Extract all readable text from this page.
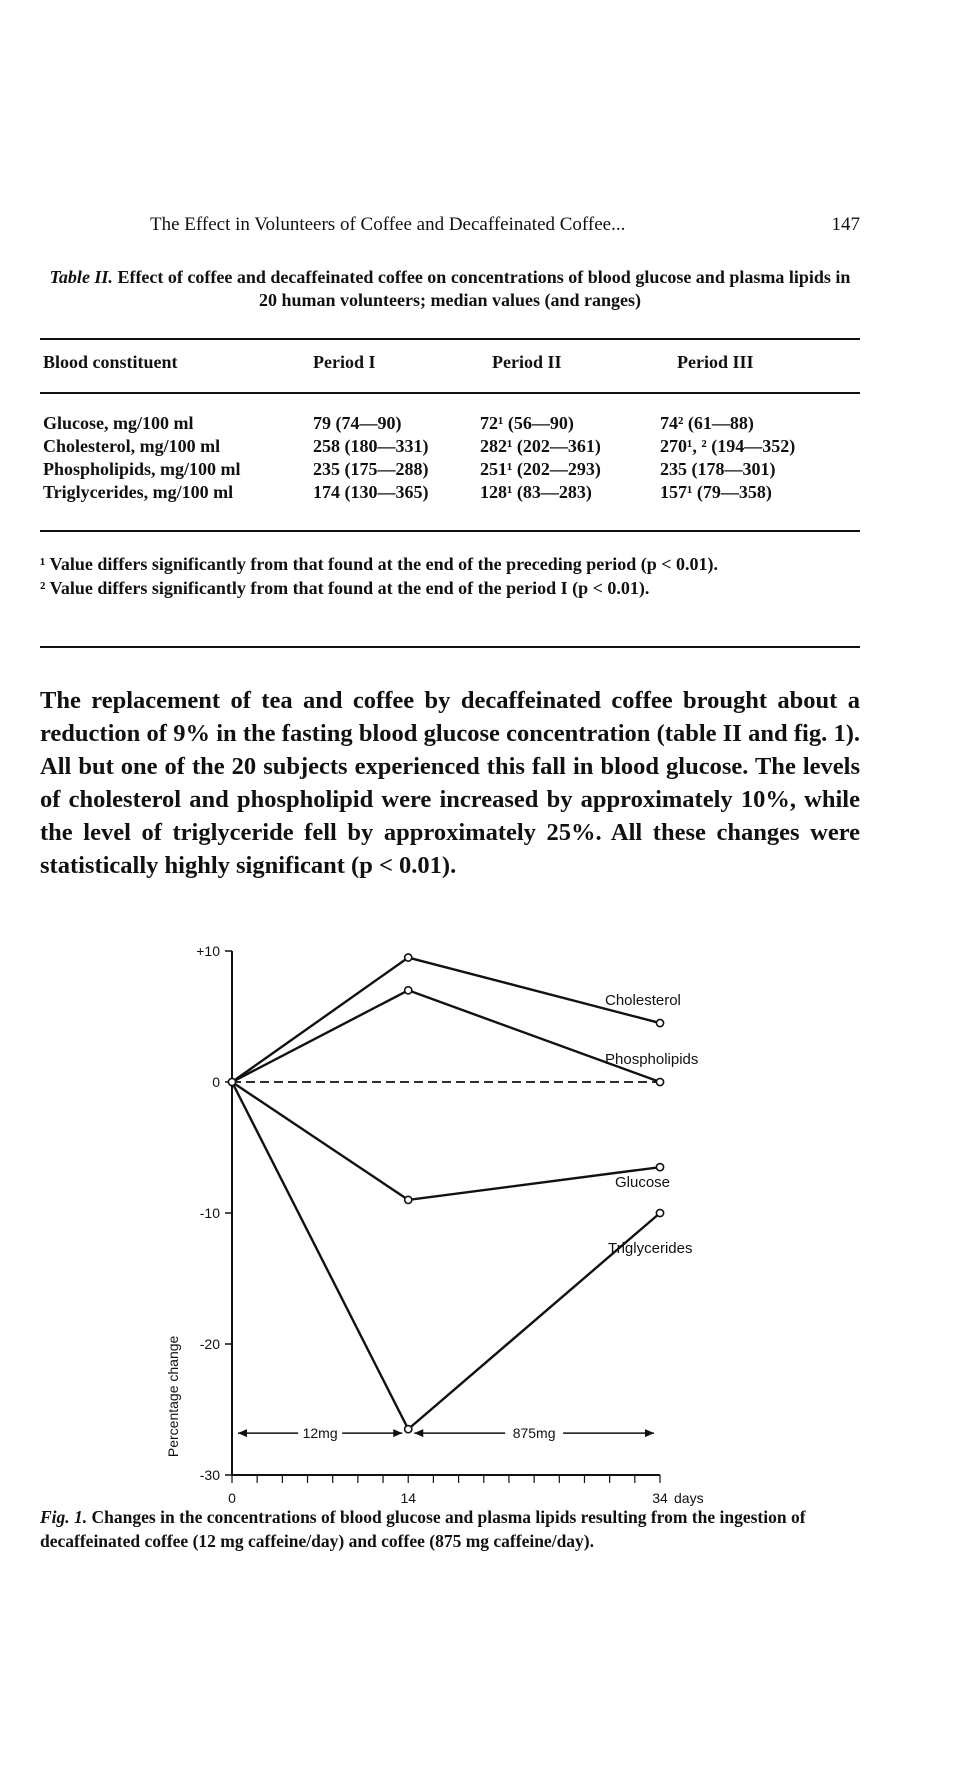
The Effect in Volunteers of Coffee and Decaffeinated Coffee...	147
Table II. Effect of coffee and decaffeinated coffee on concentrations of blood glucose and plasma lipids in 20 human volunteers; median values (and ranges)
Blood constituent	Period I	Period II	Period III
Glucose, mg/100 ml	79 (74—90)	72¹ (56—90)	74² (61—88)
Cholesterol, mg/100 ml	258 (180—331)	282¹ (202—361)	270¹, ² (194—352)
Phospholipids, mg/100 ml	235 (175—288)	251¹ (202—293)	235 (178—301)
Triglycerides, mg/100 ml	174 (130—365)	128¹ (83—283)	157¹ (79—358)

¹ Value differs significantly from that found at the end of the preceding period (p < 0.01).

² Value differs significantly from that found at the end of the period I (p < 0.01).

The replacement of tea and coffee by decaffeinated coffee brought about a reduction of 9% in the fasting blood glucose concentration (table II and fig. 1). All but one of the 20 subjects experienced this fall in blood glucose. The levels of cholesterol and phospholipid were increased by approximately 10%, while the level of triglyceride fell by approximately 25%. All these changes were statistically highly significant (p < 0.01).

+10
0
-10
-20
-30
0	14	34 days
Percentage change
Cholesterol
Phospholipids
Glucose
Triglycerides
12mg	875mg
Fig. 1. Changes in the concentrations of blood glucose and plasma lipids resulting from the ingestion of decaffeinated coffee (12 mg caffeine/day) and coffee (875 mg caffeine/day).
